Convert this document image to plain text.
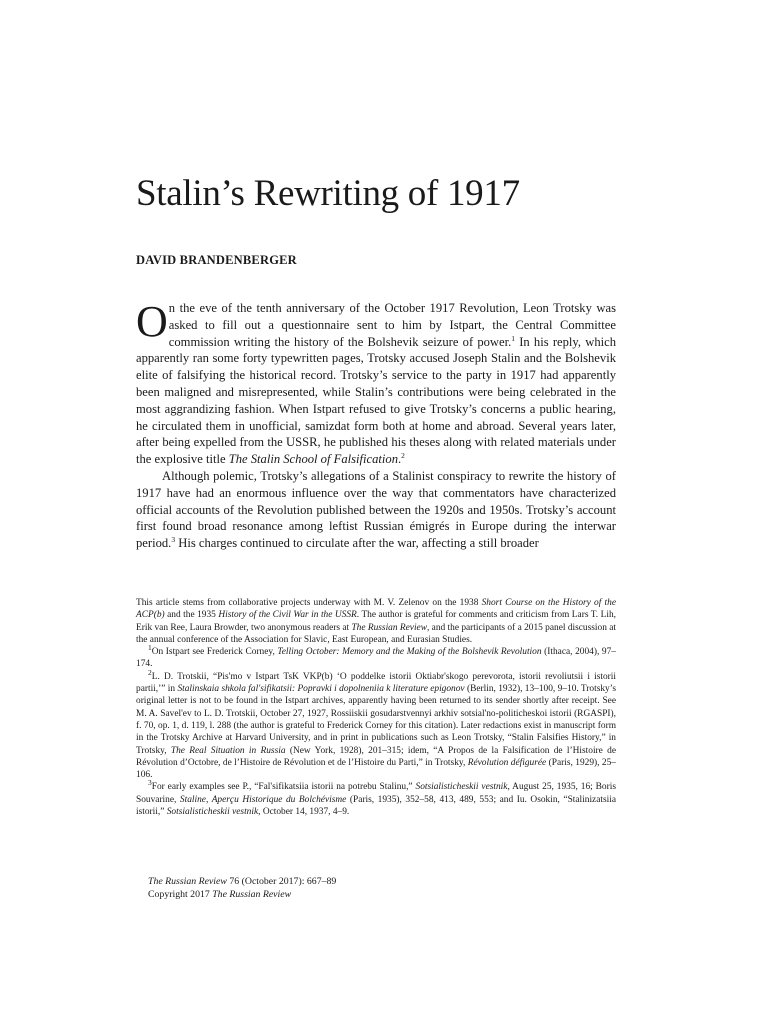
Stalin’s Rewriting of 1917
DAVID BRANDENBERGER

On the eve of the tenth anniversary of the October 1917 Revolution, Leon Trotsky was asked to fill out a questionnaire sent to him by Istpart, the Central Committee commission writing the history of the Bolshevik seizure of power.$^1$ In his reply, which apparently ran some forty typewritten pages, Trotsky accused Joseph Stalin and the Bolshevik elite of falsifying the historical record. Trotsky’s service to the party in 1917 had apparently been maligned and misrepresented, while Stalin’s contributions were being celebrated in the most aggrandizing fashion. When Istpart refused to give Trotsky’s concerns a public hearing, he circulated them in unofficial, samizdat form both at home and abroad. Several years later, after being expelled from the USSR, he published his theses along with related materials under the explosive title The Stalin School of Falsification.$^2$

Although polemic, Trotsky’s allegations of a Stalinist conspiracy to rewrite the history of 1917 have had an enormous influence over the way that commentators have characterized official accounts of the Revolution published between the 1920s and 1950s. Trotsky’s account first found broad resonance among leftist Russian émigrés in Europe during the interwar period.$^3$ His charges continued to circulate after the war, affecting a still broader

This article stems from collaborative projects underway with M. V. Zelenov on the 1938 Short Course on the History of the ACP(b) and the 1935 History of the Civil War in the USSR. The author is grateful for comments and criticism from Lars T. Lih, Erik van Ree, Laura Browder, two anonymous readers at The Russian Review, and the participants of a 2015 panel discussion at the annual conference of the Association for Slavic, East European, and Eurasian Studies.

$^1$On Istpart see Frederick Corney, Telling October: Memory and the Making of the Bolshevik Revolution (Ithaca, 2004), 97–174.

$^2$L. D. Trotskii, “Pis'mo v Istpart TsK VKP(b) ‘O poddelke istorii Oktiabr'skogo perevorota, istorii revoliutsii i istorii partii,’” in Stalinskaia shkola fal'sifikatsii: Popravki i dopolneniia k literature epigonov (Berlin, 1932), 13–100, 9–10. Trotsky’s original letter is not to be found in the Istpart archives, apparently having been returned to its sender shortly after receipt. See M. A. Savel'ev to L. D. Trotskii, October 27, 1927, Rossiiskii gosudarstvennyi arkhiv sotsial'no-politicheskoi istorii (RGASPI), f. 70, op. 1, d. 119, l. 288 (the author is grateful to Frederick Corney for this citation). Later redactions exist in manuscript form in the Trotsky Archive at Harvard University, and in print in publications such as Leon Trotsky, “Stalin Falsifies History,” in Trotsky, The Real Situation in Russia (New York, 1928), 201–315; idem, “A Propos de la Falsification de l’Histoire de Révolution d’Octobre, de l’Histoire de Révolution et de l’Histoire du Parti,” in Trotsky, Révolution défigurée (Paris, 1929), 25–106.

$^3$For early examples see P., “Fal'sifikatsiia istorii na potrebu Stalinu,” Sotsialisticheskii vestnik, August 25, 1935, 16; Boris Souvarine, Staline, Aperçu Historique du Bolchévisme (Paris, 1935), 352–58, 413, 489, 553; and Iu. Osokin, “Stalinizatsiia istorii,” Sotsialisticheskii vestnik, October 14, 1937, 4–9.

The Russian Review 76 (October 2017): 667–89
Copyright 2017 The Russian Review
